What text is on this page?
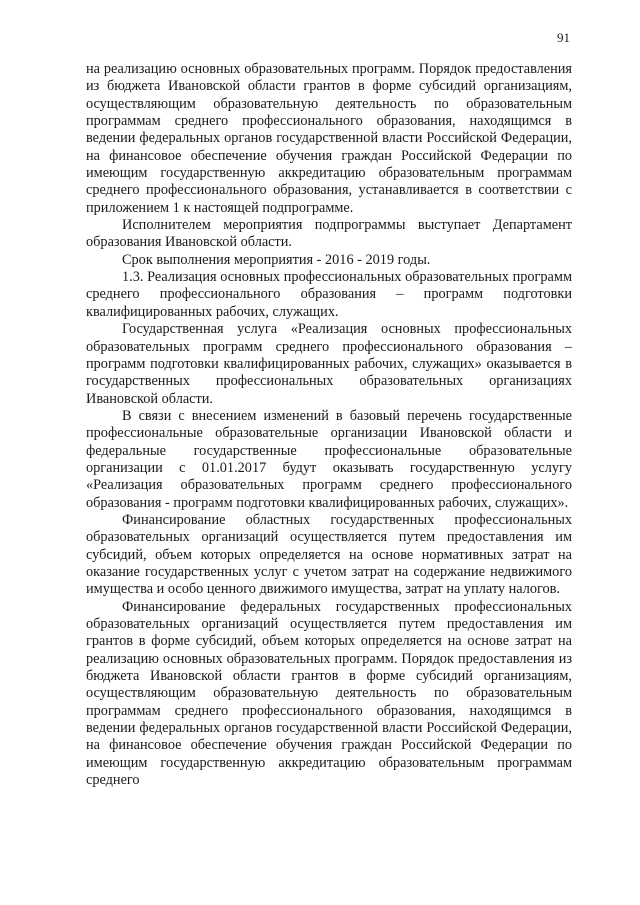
91

на реализацию основных образовательных программ. Порядок предоставления из бюджета Ивановской области грантов в форме субсидий организациям, осуществляющим образовательную деятельность по образовательным программам среднего профессионального образования, находящимся в ведении федеральных органов государственной власти Российской Федерации, на финансовое обеспечение обучения граждан Российской Федерации по имеющим государственную аккредитацию образовательным программам среднего профессионального образования, устанавливается в соответствии с приложением 1 к настоящей подпрограмме.

Исполнителем мероприятия подпрограммы выступает Департамент образования Ивановской области.

Срок выполнения мероприятия - 2016 - 2019 годы.

1.3. Реализация основных профессиональных образовательных программ среднего профессионального образования – программ подготовки квалифицированных рабочих, служащих.

Государственная услуга «Реализация основных профессиональных образовательных программ среднего профессионального образования – программ подготовки квалифицированных рабочих, служащих» оказывается в государственных профессиональных образовательных организациях Ивановской области.

В связи с внесением изменений в базовый перечень государственные профессиональные образовательные организации Ивановской области и федеральные государственные профессиональные образовательные организации с 01.01.2017 будут оказывать государственную услугу «Реализация образовательных программ среднего профессионального образования - программ подготовки квалифицированных рабочих, служащих».

Финансирование областных государственных профессиональных образовательных организаций осуществляется путем предоставления им субсидий, объем которых определяется на основе нормативных затрат на оказание государственных услуг с учетом затрат на содержание недвижимого имущества и особо ценного движимого имущества, затрат на уплату налогов.

Финансирование федеральных государственных профессиональных образовательных организаций осуществляется путем предоставления им грантов в форме субсидий, объем которых определяется на основе затрат на реализацию основных образовательных программ. Порядок предоставления из бюджета Ивановской области грантов в форме субсидий организациям, осуществляющим образовательную деятельность по образовательным программам среднего профессионального образования, находящимся в ведении федеральных органов государственной власти Российской Федерации, на финансовое обеспечение обучения граждан Российской Федерации по имеющим государственную аккредитацию образовательным программам среднего
